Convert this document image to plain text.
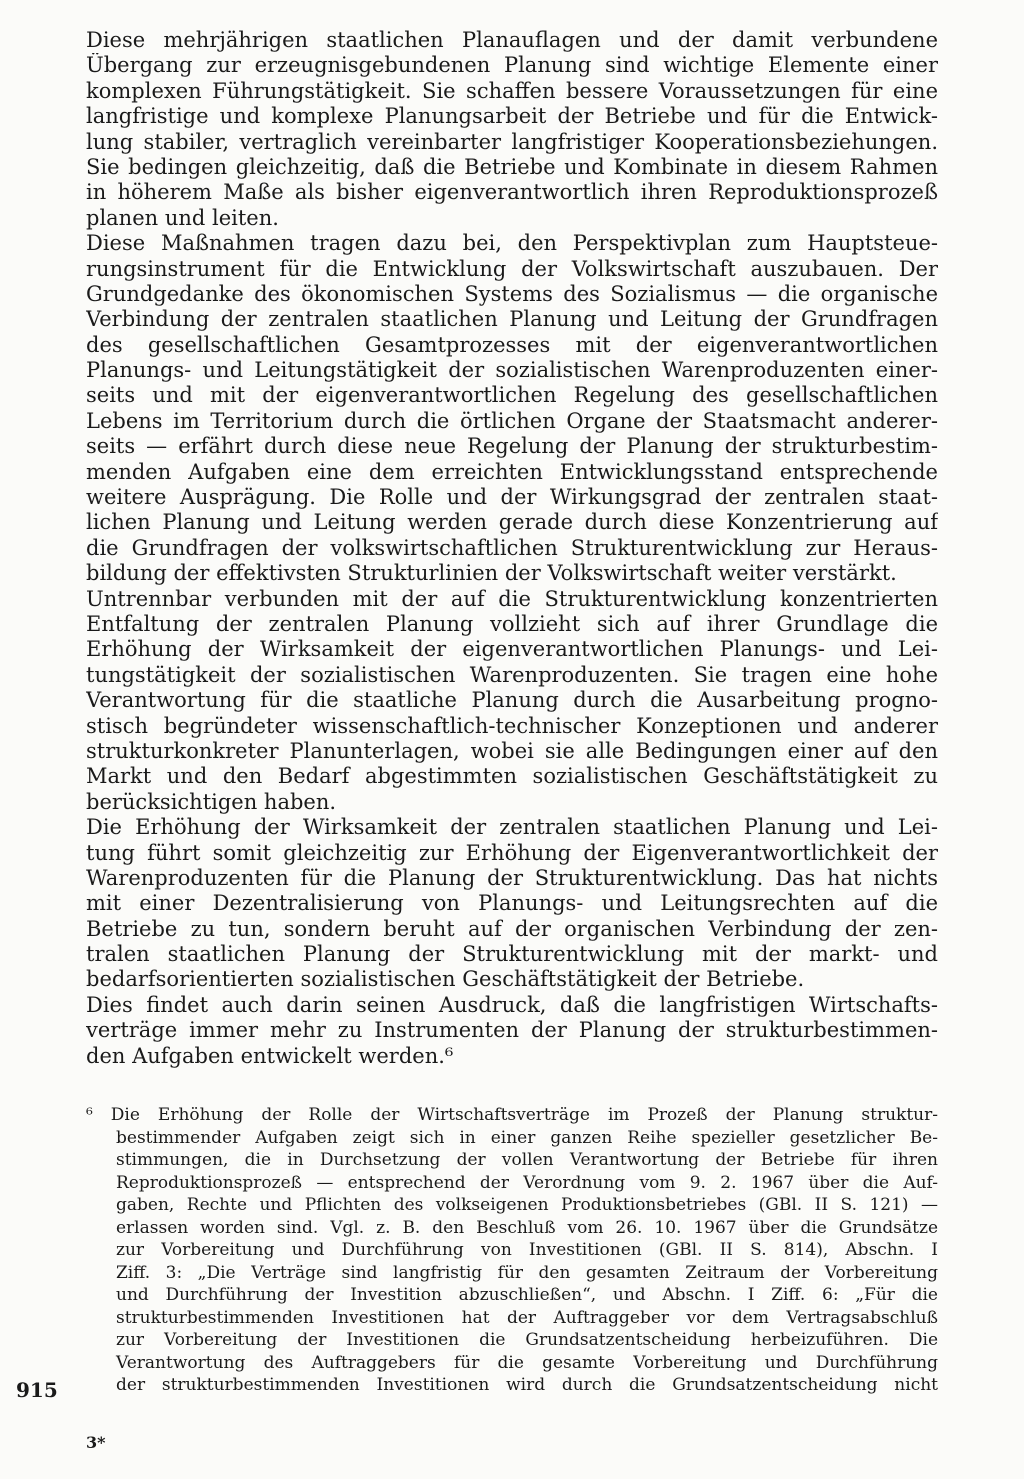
Diese mehrjährigen staatlichen Planauflagen und der damit verbundene
Übergang zur erzeugnisgebundenen Planung sind wichtige Elemente einer
komplexen Führungstätigkeit. Sie schaffen bessere Voraussetzungen für eine
langfristige und komplexe Planungsarbeit der Betriebe und für die Entwick-
lung stabiler, vertraglich vereinbarter langfristiger Kooperationsbeziehungen.
Sie bedingen gleichzeitig, daß die Betriebe und Kombinate in diesem Rahmen
in höherem Maße als bisher eigenverantwortlich ihren Reproduktionsprozeß
planen und leiten.
Diese Maßnahmen tragen dazu bei, den Perspektivplan zum Hauptsteue-
rungsinstrument für die Entwicklung der Volkswirtschaft auszubauen. Der
Grundgedanke des ökonomischen Systems des Sozialismus — die organische
Verbindung der zentralen staatlichen Planung und Leitung der Grundfragen
des gesellschaftlichen Gesamtprozesses mit der eigenverantwortlichen
Planungs- und Leitungstätigkeit der sozialistischen Warenproduzenten einer-
seits und mit der eigenverantwortlichen Regelung des gesellschaftlichen
Lebens im Territorium durch die örtlichen Organe der Staatsmacht anderer-
seits — erfährt durch diese neue Regelung der Planung der strukturbestim-
menden Aufgaben eine dem erreichten Entwicklungsstand entsprechende
weitere Ausprägung. Die Rolle und der Wirkungsgrad der zentralen staat-
lichen Planung und Leitung werden gerade durch diese Konzentrierung auf
die Grundfragen der volkswirtschaftlichen Strukturentwicklung zur Heraus-
bildung der effektivsten Strukturlinien der Volkswirtschaft weiter verstärkt.
Untrennbar verbunden mit der auf die Strukturentwicklung konzentrierten
Entfaltung der zentralen Planung vollzieht sich auf ihrer Grundlage die
Erhöhung der Wirksamkeit der eigenverantwortlichen Planungs- und Lei-
tungstätigkeit der sozialistischen Warenproduzenten. Sie tragen eine hohe
Verantwortung für die staatliche Planung durch die Ausarbeitung progno-
stisch begründeter wissenschaftlich-technischer Konzeptionen und anderer
strukturkonkreter Planunterlagen, wobei sie alle Bedingungen einer auf den
Markt und den Bedarf abgestimmten sozialistischen Geschäftstätigkeit zu
berücksichtigen haben.
Die Erhöhung der Wirksamkeit der zentralen staatlichen Planung und Lei-
tung führt somit gleichzeitig zur Erhöhung der Eigenverantwortlichkeit der
Warenproduzenten für die Planung der Strukturentwicklung. Das hat nichts
mit einer Dezentralisierung von Planungs- und Leitungsrechten auf die
Betriebe zu tun, sondern beruht auf der organischen Verbindung der zen-
tralen staatlichen Planung der Strukturentwicklung mit der markt- und
bedarfsorientierten sozialistischen Geschäftstätigkeit der Betriebe.
Dies findet auch darin seinen Ausdruck, daß die langfristigen Wirtschafts-
verträge immer mehr zu Instrumenten der Planung der strukturbestimmen-
den Aufgaben entwickelt werden.⁶
⁶ Die Erhöhung der Rolle der Wirtschaftsverträge im Prozeß der Planung struktur-
bestimmender Aufgaben zeigt sich in einer ganzen Reihe spezieller gesetzlicher Be-
stimmungen, die in Durchsetzung der vollen Verantwortung der Betriebe für ihren
Reproduktionsprozeß — entsprechend der Verordnung vom 9. 2. 1967 über die Auf-
gaben, Rechte und Pflichten des volkseigenen Produktionsbetriebes (GBl. II S. 121) —
erlassen worden sind. Vgl. z. B. den Beschluß vom 26. 10. 1967 über die Grundsätze
zur Vorbereitung und Durchführung von Investitionen (GBl. II S. 814), Abschn. I
Ziff. 3: „Die Verträge sind langfristig für den gesamten Zeitraum der Vorbereitung
und Durchführung der Investition abzuschließen“, und Abschn. I Ziff. 6: „Für die
strukturbestimmenden Investitionen hat der Auftraggeber vor dem Vertragsabschluß
zur Vorbereitung der Investitionen die Grundsatzentscheidung herbeizuführen. Die
Verantwortung des Auftraggebers für die gesamte Vorbereitung und Durchführung
der strukturbestimmenden Investitionen wird durch die Grundsatzentscheidung nicht
915
3*
